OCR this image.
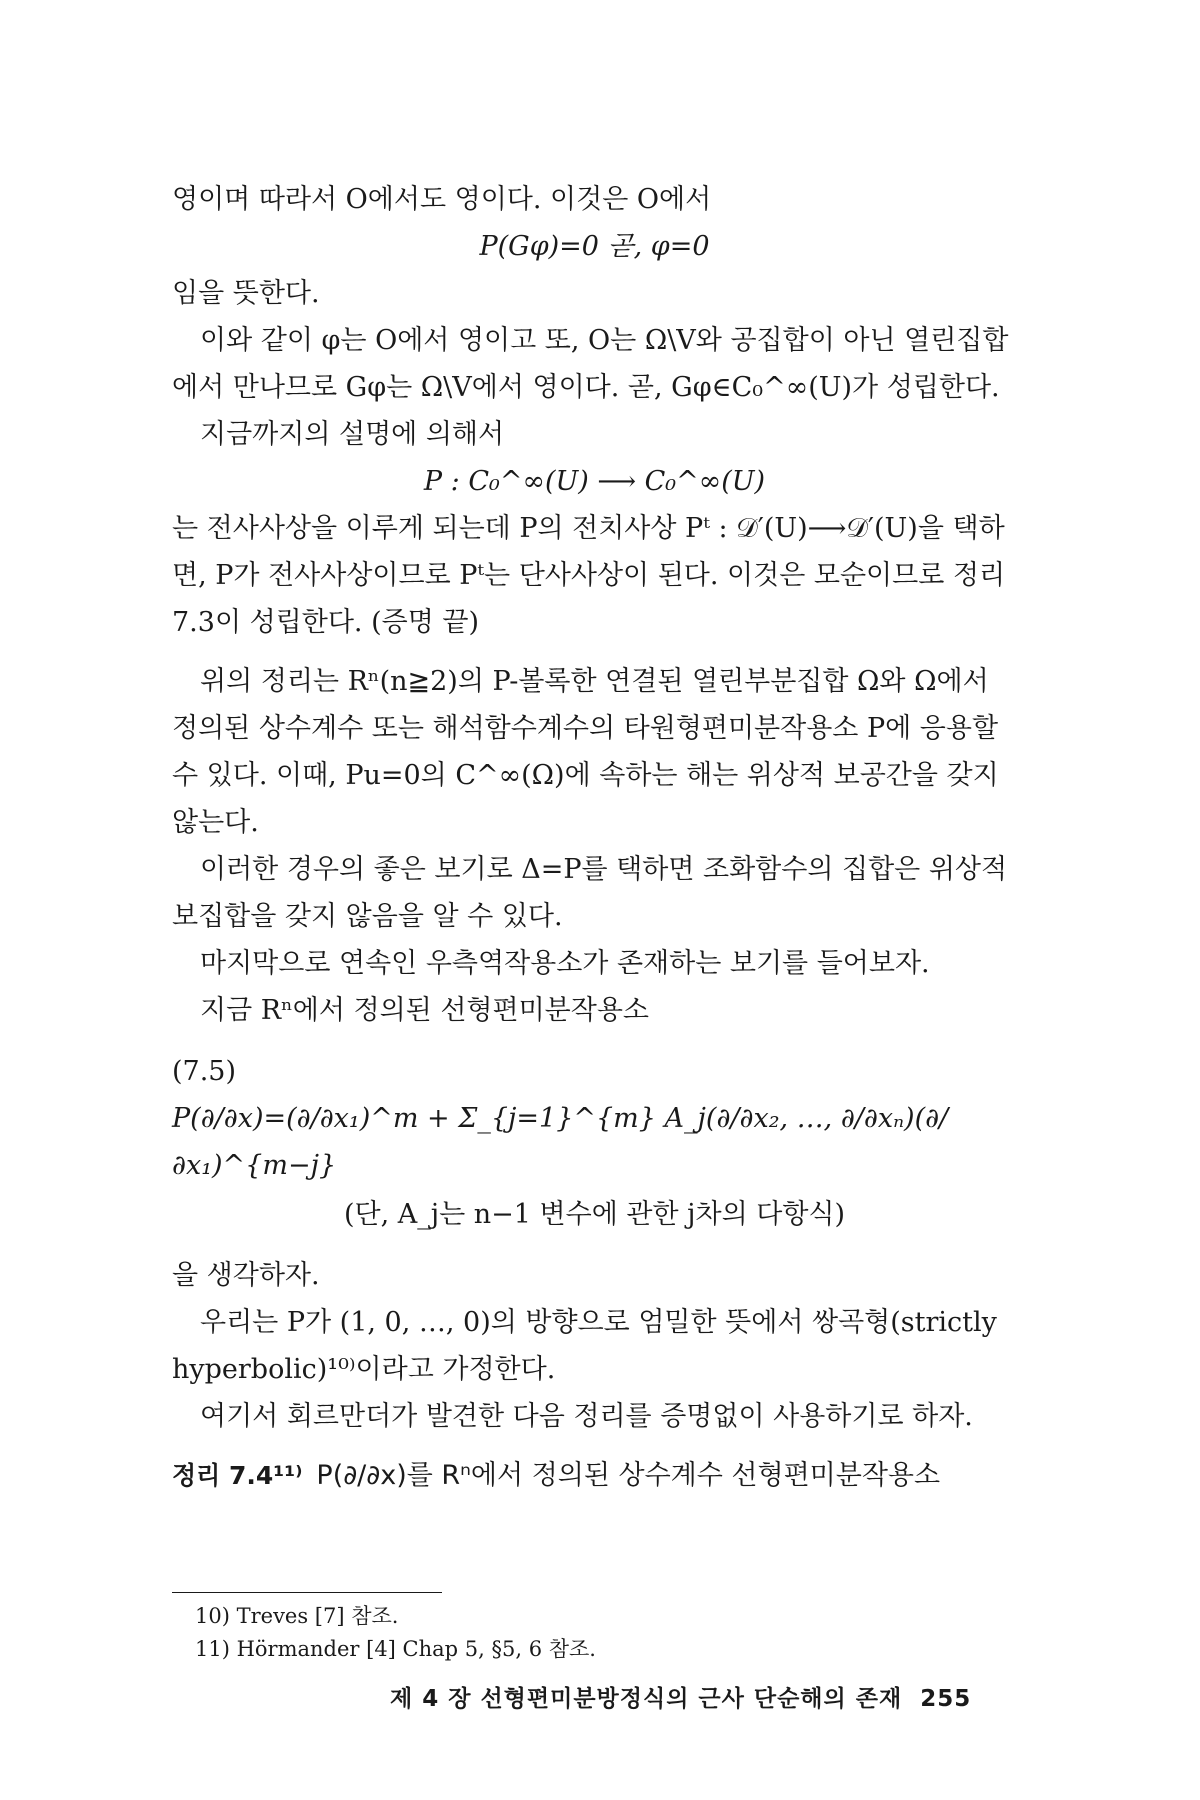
영이며 따라서 O에서도 영이다. 이것은 O에서

P(Gφ)=0 곧, φ=0

임을 뜻한다.

이와 같이 φ는 O에서 영이고 또, O는 Ω\V와 공집합이 아닌 열린집합에서 만나므로 Gφ는 Ω\V에서 영이다. 곧, Gφ∈C₀^∞(U)가 성립한다.

지금까지의 설명에 의해서

P : C₀^∞(U) ⟶ C₀^∞(U)

는 전사사상을 이루게 되는데 P의 전치사상 Pᵗ : 𝒟′(U)⟶𝒟′(U)을 택하면, P가 전사사상이므로 Pᵗ는 단사사상이 된다. 이것은 모순이므로 정리 7.3이 성립한다. (증명 끝)

위의 정리는 Rⁿ(n≧2)의 P-볼록한 연결된 열린부분집합 Ω와 Ω에서 정의된 상수계수 또는 해석함수계수의 타원형편미분작용소 P에 응용할 수 있다. 이때, Pu=0의 C^∞(Ω)에 속하는 해는 위상적 보공간을 갖지 않는다.

이러한 경우의 좋은 보기로 Δ=P를 택하면 조화함수의 집합은 위상적 보집합을 갖지 않음을 알 수 있다.

마지막으로 연속인 우측역작용소가 존재하는 보기를 들어보자.

지금 Rⁿ에서 정의된 선형편미분작용소

(7.5) P(∂/∂x)=(∂/∂x₁)^m + Σ_{j=1}^{m} A_j(∂/∂x₂, …, ∂/∂xₙ)(∂/∂x₁)^{m−j}
(단, A_j는 n−1 변수에 관한 j차의 다항식)

을 생각하자.

우리는 P가 (1, 0, …, 0)의 방향으로 엄밀한 뜻에서 쌍곡형(strictly hyperbolic)¹⁰⁾이라고 가정한다.

여기서 회르만더가 발견한 다음 정리를 증명없이 사용하기로 하자.

정리 7.4¹¹⁾ P(∂/∂x)를 Rⁿ에서 정의된 상수계수 선형편미분작용소

10) Treves [7] 참조.
11) Hörmander [4] Chap 5, §5, 6 참조.
제 4 장 선형편미분방정식의 근사 단순해의 존재 255
